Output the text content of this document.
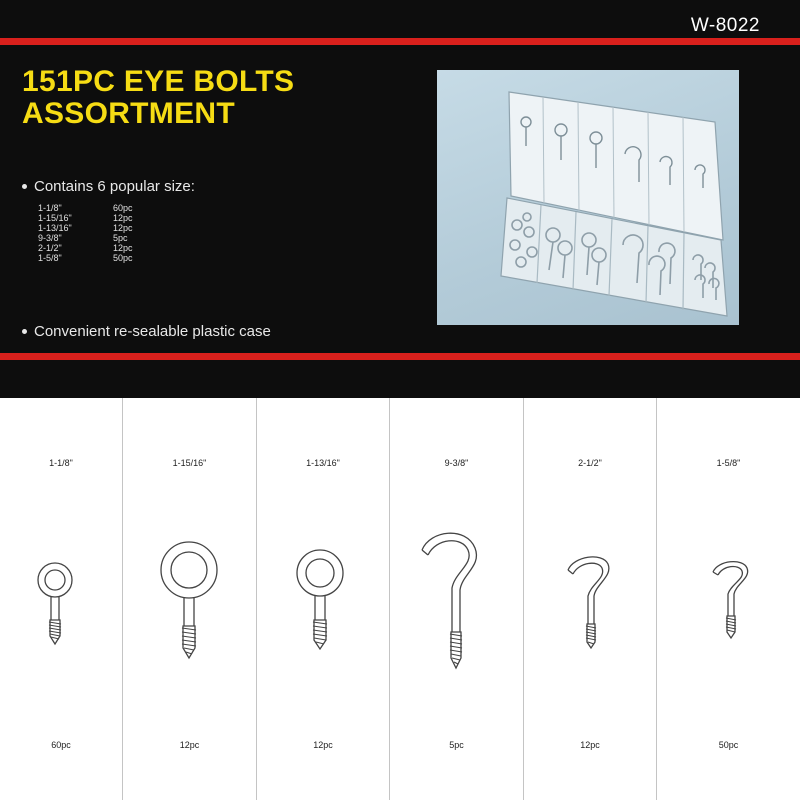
W-8022
151PC EYE BOLTS
ASSORTMENT
Contains 6 popular size:
1-1/8"	60pc
1-15/16"	12pc
1-13/16"	12pc
9-3/8"	5pc
2-1/2"	12pc
1-5/8"	50pc
Convenient re-sealable plastic case
1-1/8"
60pc
1-15/16"
12pc
1-13/16"
12pc
9-3/8"
5pc
2-1/2"
12pc
1-5/8"
50pc
